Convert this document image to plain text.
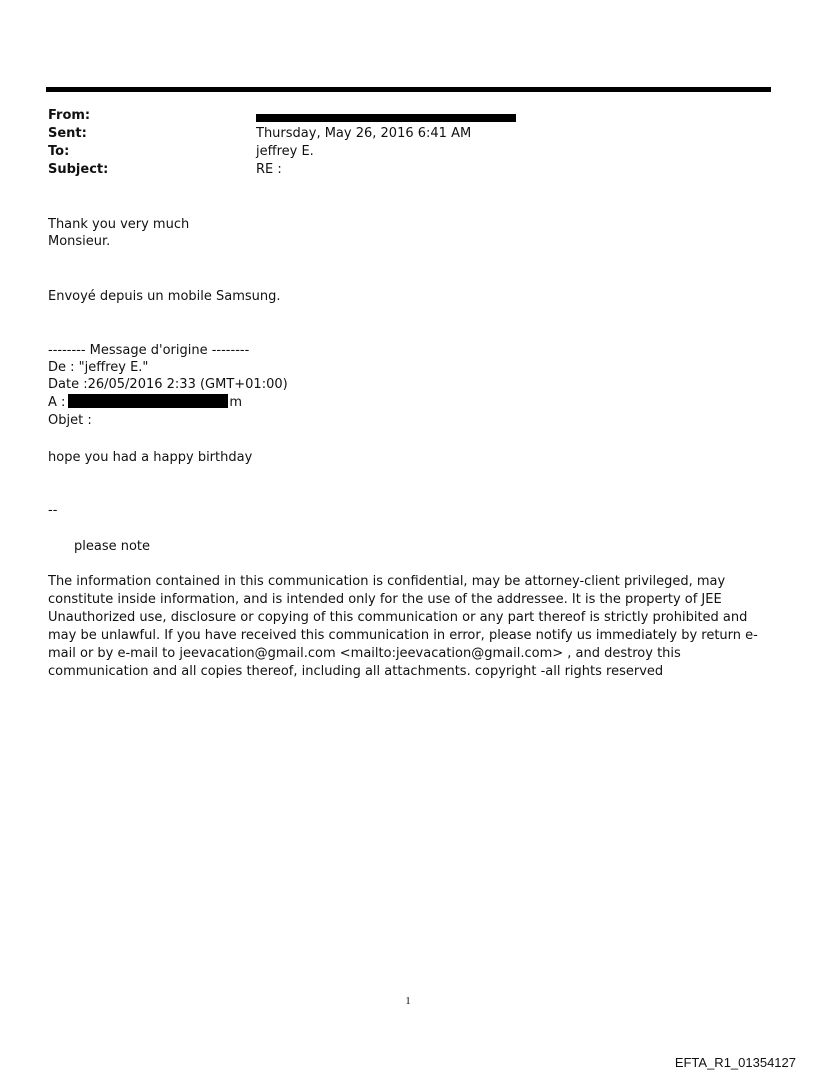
From:
Sent:	Thursday, May 26, 2016 6:41 AM
To:	jeffrey E.
Subject:	RE :
Thank you very much
Monsieur.
Envoyé depuis un mobile Samsung.
-------- Message d'origine --------
De : "jeffrey E."
Date :26/05/2016 2:33 (GMT+01:00)
A :	m
Objet :
hope you had a happy birthday
--
please note
The information contained in this communication is confidential, may be attorney-client privileged, may constitute inside information, and is intended only for the use of the addressee. It is the property of JEE Unauthorized use, disclosure or copying of this communication or any part thereof is strictly prohibited and may be unlawful. If you have received this communication in error, please notify us immediately by return e-mail or by e-mail to jeevacation@gmail.com <mailto:jeevacation@gmail.com> , and destroy this communication and all copies thereof, including all attachments. copyright -all rights reserved
1
EFTA_R1_01354127
